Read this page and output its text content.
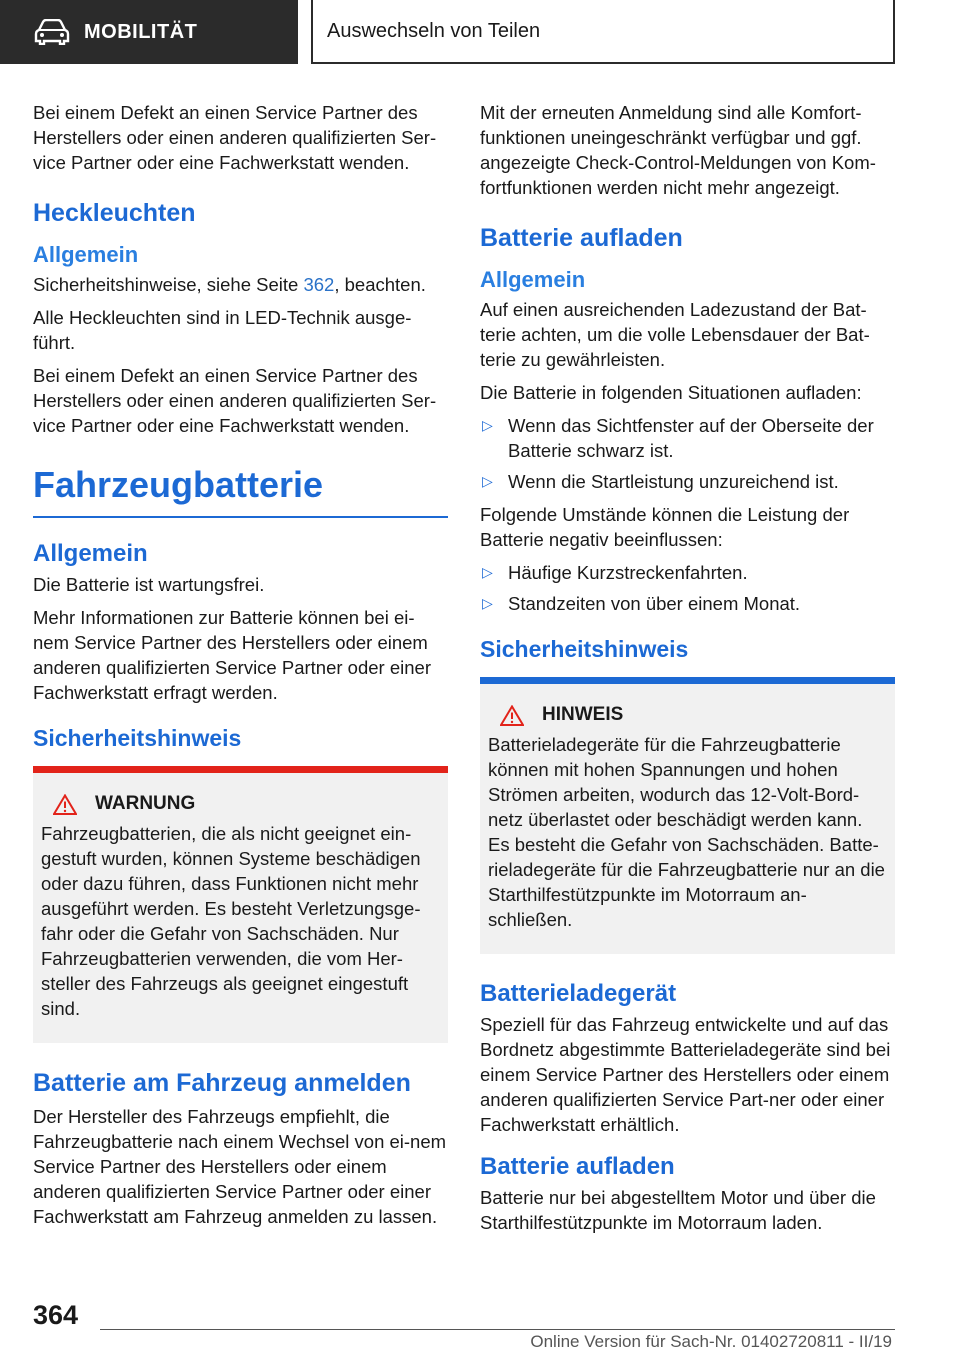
MOBILITÄT	Auswechseln von Teilen

Bei einem Defekt an einen Service Partner des Herstellers oder einen anderen qualifizierten Ser-vice Partner oder eine Fachwerkstatt wenden.

Heckleuchten
Allgemein

Sicherheitshinweise, siehe Seite 362, beachten.

Alle Heckleuchten sind in LED-Technik ausge-führt.

Bei einem Defekt an einen Service Partner des Herstellers oder einen anderen qualifizierten Ser-vice Partner oder eine Fachwerkstatt wenden.

Fahrzeugbatterie
Allgemein

Die Batterie ist wartungsfrei.

Mehr Informationen zur Batterie können bei ei-nem Service Partner des Herstellers oder einem anderen qualifizierten Service Partner oder einer Fachwerkstatt erfragt werden.

Sicherheitshinweis
WARNUNG

Fahrzeugbatterien, die als nicht geeignet ein-gestuft wurden, können Systeme beschädigen oder dazu führen, dass Funktionen nicht mehr ausgeführt werden. Es besteht Verletzungsge-fahr oder die Gefahr von Sachschäden. Nur Fahrzeugbatterien verwenden, die vom Her-steller des Fahrzeugs als geeignet eingestuft sind.

Batterie am Fahrzeug anmelden

Der Hersteller des Fahrzeugs empfiehlt, die Fahrzeugbatterie nach einem Wechsel von ei-nem Service Partner des Herstellers oder einem anderen qualifizierten Service Partner oder einer Fachwerkstatt am Fahrzeug anmelden zu lassen.

Mit der erneuten Anmeldung sind alle Komfort-funktionen uneingeschränkt verfügbar und ggf. angezeigte Check-Control-Meldungen von Kom-fortfunktionen werden nicht mehr angezeigt.

Batterie aufladen
Allgemein

Auf einen ausreichenden Ladezustand der Bat-terie achten, um die volle Lebensdauer der Bat-terie zu gewährleisten.

Die Batterie in folgenden Situationen aufladen:

▷ Wenn das Sichtfenster auf der Oberseite der Batterie schwarz ist.
▷ Wenn die Startleistung unzureichend ist.

Folgende Umstände können die Leistung der Batterie negativ beeinflussen:

▷ Häufige Kurzstreckenfahrten.
▷ Standzeiten von über einem Monat.
Sicherheitshinweis
HINWEIS

Batterieladegeräte für die Fahrzeugbatterie können mit hohen Spannungen und hohen Strömen arbeiten, wodurch das 12-Volt-Bord-netz überlastet oder beschädigt werden kann. Es besteht die Gefahr von Sachschäden. Batte-rieladegeräte für die Fahrzeugbatterie nur an die Starthilfestützpunkte im Motorraum an-schließen.

Batterieladegerät

Speziell für das Fahrzeug entwickelte und auf das Bordnetz abgestimmte Batterieladegeräte sind bei einem Service Partner des Herstellers oder einem anderen qualifizierten Service Part-ner oder einer Fachwerkstatt erhältlich.

Batterie aufladen

Batterie nur bei abgestelltem Motor und über die Starthilfestützpunkte im Motorraum laden.

364
Online Version für Sach-Nr. 01402720811 - II/19
